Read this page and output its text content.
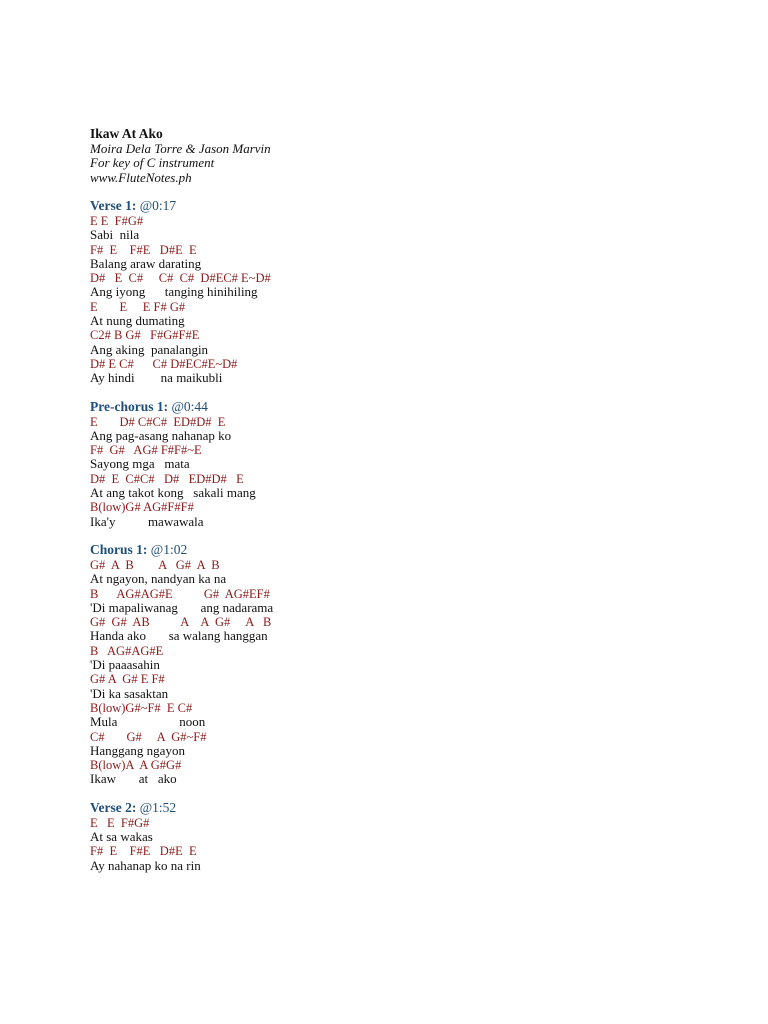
Ikaw At Ako
Moira Dela Torre & Jason Marvin
For key of C instrument
www.FluteNotes.ph
Verse 1: @0:17
E E  F#G#
Sabi  nila
F#  E    F#E   D#E  E
Balang araw darating
D#   E  C#     C#  C#  D#EC# E~D#
Ang iyong      tanging hinihiling
E       E     E F# G#
At nung dumating
C2# B G#   F#G#F#E
Ang aking  panalangin
D# E C#      C# D#EC#E~D#
Ay hindi        na maikubli
Pre-chorus 1: @0:44
E       D# C#C#  ED#D#  E
Ang pag-asang nahanap ko
F#  G#   AG# F#F#~E
Sayong mga   mata
D#  E  C#C#   D#   ED#D#   E
At ang takot kong   sakali mang
B(low)G# AG#F#F#
Ika'y          mawawala
Chorus 1: @1:02
G#  A  B        A   G#  A  B
At ngayon, nandyan ka na
B      AG#AG#E          G#  AG#EF#
'Di mapaliwanag       ang nadarama
G#  G#  AB          A    A  G#     A   B
Handa ako       sa walang hanggan
B   AG#AG#E
'Di paaasahin
G# A  G# E F#
'Di ka sasaktan
B(low)G#~F#  E C#
Mula                   noon
C#       G#     A  G#~F#
Hanggang ngayon
B(low)A  A G#G#
Ikaw       at   ako
Verse 2: @1:52
E   E  F#G#
At sa wakas
F#  E    F#E   D#E  E
Ay nahanap ko na rin
